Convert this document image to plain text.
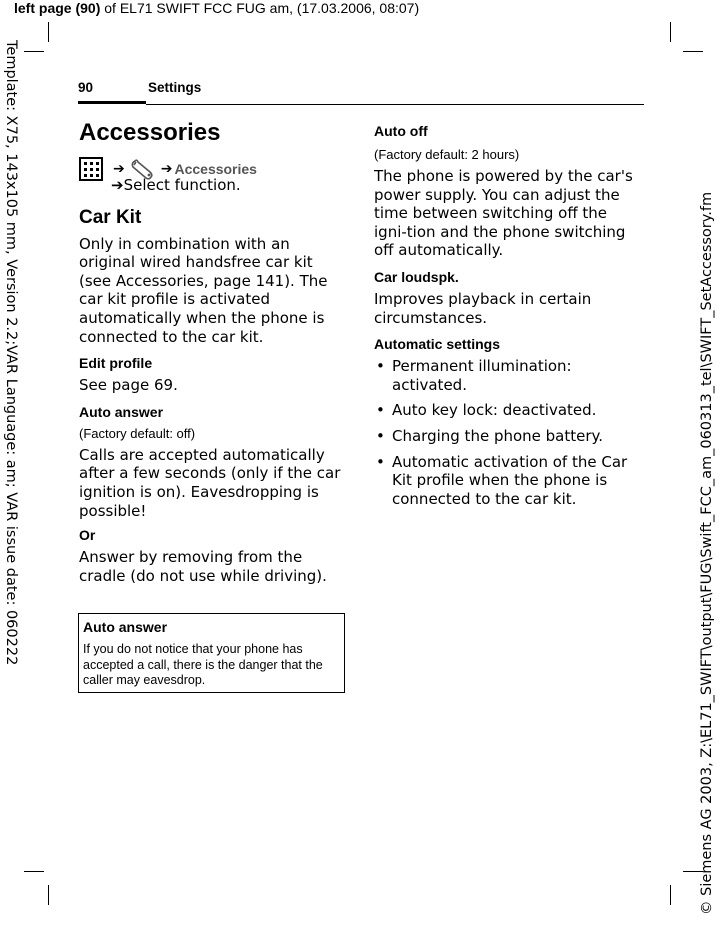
left page (90) of EL71 SWIFT FCC FUG am, (17.03.2006, 08:07)
Template: X75, 143x105 mm, Version 2.2;VAR Language: am; VAR issue date: 060222	© Siemens AG 2003, Z:\EL71_SWIFT\output\FUG\Swift_FCC_am_060313_tel\SWIFT_SetAccessory.fm
90	Settings
Accessories
➔	➔ Accessories

➔Select function.

Car Kit

Only in combination with an original wired handsfree car kit (see Accessories, page 141). The car kit profile is activated automatically when the phone is connected to the car kit.

Edit profile

See page 69.

Auto answer
(Factory default: off)

Calls are accepted automatically after a few seconds (only if the car ignition is on). Eavesdropping is possible!

Or

Answer by removing from the cradle (do not use while driving).

Auto answer
If you do not notice that your phone has accepted a call, there is the danger that the caller may eavesdrop.
Auto off
(Factory default: 2 hours)

The phone is powered by the car's power supply. You can adjust the time between switching off the igni-tion and the phone switching off automatically.

Car loudspk.

Improves playback in certain circumstances.

Automatic settings
• Permanent illumination: activated.
• Auto key lock: deactivated.
• Charging the phone battery.
• Automatic activation of the Car Kit profile when the phone is connected to the car kit.
